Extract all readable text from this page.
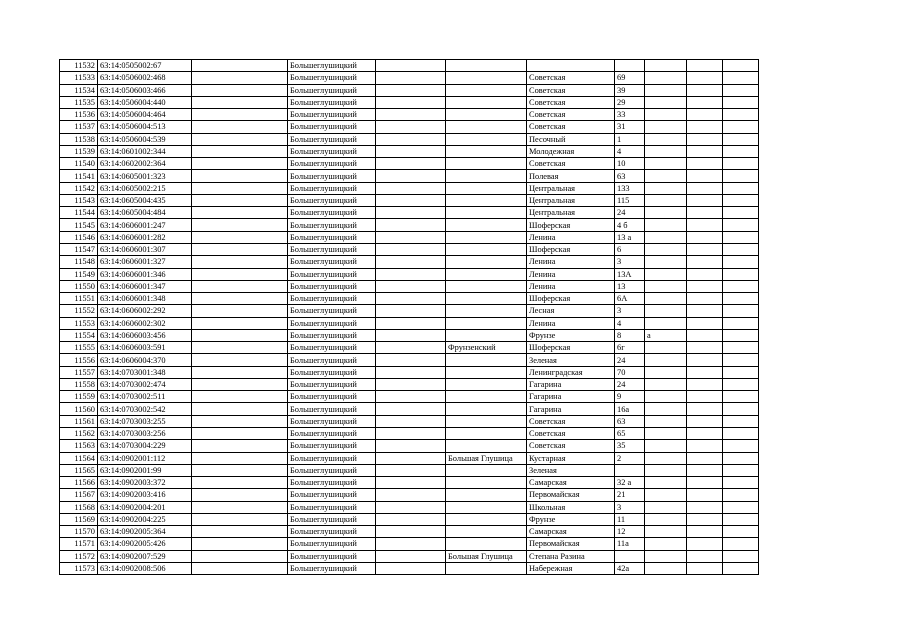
11532	63:14:0505002:67		Большеглушицкий							
11533	63:14:0506002:468		Большеглушицкий			Советская	69			
11534	63:14:0506003:466		Большеглушицкий			Советская	39			
11535	63:14:0506004:440		Большеглушицкий			Советская	29			
11536	63:14:0506004:464		Большеглушицкий			Советская	33			
11537	63:14:0506004:513		Большеглушицкий			Советская	31			
11538	63:14:0506004:539		Большеглушицкий			Песочный	1			
11539	63:14:0601002:344		Большеглушицкий			Молодежная	4			
11540	63:14:0602002:364		Большеглушицкий			Советская	10			
11541	63:14:0605001:323		Большеглушицкий			Полевая	63			
11542	63:14:0605002:215		Большеглушицкий			Центральная	133			
11543	63:14:0605004:435		Большеглушицкий			Центральная	115			
11544	63:14:0605004:484		Большеглушицкий			Центральная	24			
11545	63:14:0606001:247		Большеглушицкий			Шоферская	4 б			
11546	63:14:0606001:282		Большеглушицкий			Ленина	13 а			
11547	63:14:0606001:307		Большеглушицкий			Шоферская	6			
11548	63:14:0606001:327		Большеглушицкий			Ленина	3			
11549	63:14:0606001:346		Большеглушицкий			Ленина	13А			
11550	63:14:0606001:347		Большеглушицкий			Ленина	13			
11551	63:14:0606001:348		Большеглушицкий			Шоферская	6А			
11552	63:14:0606002:292		Большеглушицкий			Лесная	3			
11553	63:14:0606002:302		Большеглушицкий			Ленина	4			
11554	63:14:0606003:456		Большеглушицкий			Фрунзе	8	а		
11555	63:14:0606003:591		Большеглушицкий		Фрунзенский	Шоферская	6г			
11556	63:14:0606004:370		Большеглушицкий			Зеленая	24			
11557	63:14:0703001:348		Большеглушицкий			Ленинградская	70			
11558	63:14:0703002:474		Большеглушицкий			Гагарина	24			
11559	63:14:0703002:511		Большеглушицкий			Гагарина	9			
11560	63:14:0703002:542		Большеглушицкий			Гагарина	16а			
11561	63:14:0703003:255		Большеглушицкий			Советская	63			
11562	63:14:0703003:256		Большеглушицкий			Советская	65			
11563	63:14:0703004:229		Большеглушицкий			Советская	35			
11564	63:14:0902001:112		Большеглушицкий		Большая Глушица	Кустарная	2			
11565	63:14:0902001:99		Большеглушицкий			Зеленая				
11566	63:14:0902003:372		Большеглушицкий			Самарская	32 а			
11567	63:14:0902003:416		Большеглушицкий			Первомайская	21			
11568	63:14:0902004:201		Большеглушицкий			Школьная	3			
11569	63:14:0902004:225		Большеглушицкий			Фрунзе	11			
11570	63:14:0902005:364		Большеглушицкий			Самарская	12			
11571	63:14:0902005:426		Большеглушицкий			Первомайская	11а			
11572	63:14:0902007:529		Большеглушицкий		Большая Глушица	Степана Разина				
11573	63:14:0902008:506		Большеглушицкий			Набережная	42а			
